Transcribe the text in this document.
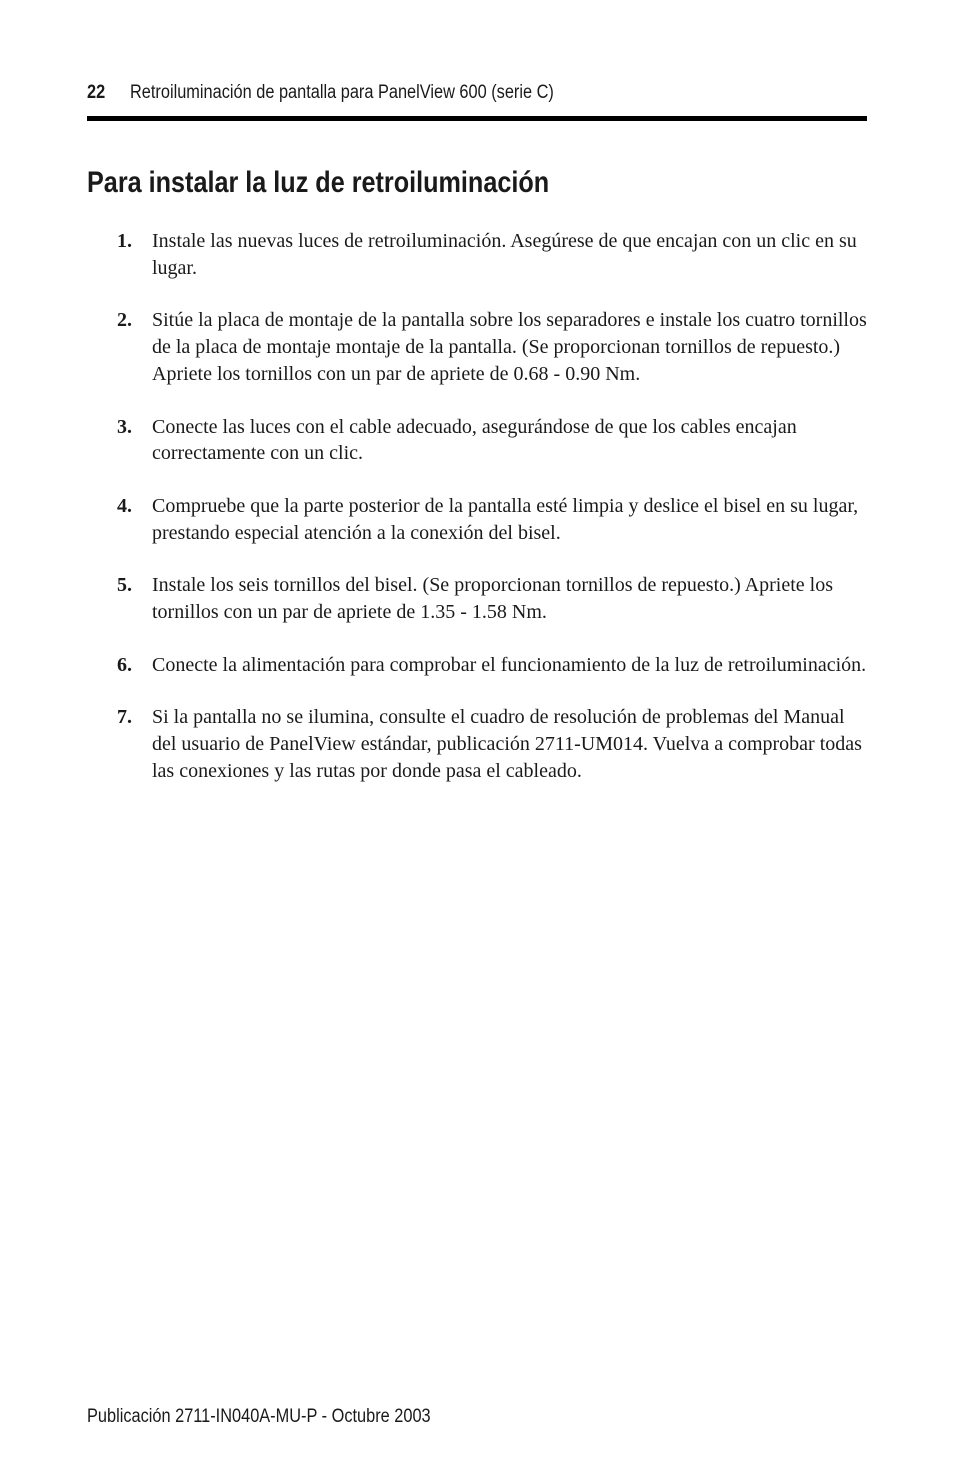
22 Retroiluminación de pantalla para PanelView 600 (serie C)
Para instalar la luz de retroiluminación
1. Instale las nuevas luces de retroiluminación. Asegúrese de que encajan con un clic en su lugar.
2. Sitúe la placa de montaje de la pantalla sobre los separadores e instale los cuatro tornillos de la placa de montaje montaje de la pantalla. (Se proporcionan tornillos de repuesto.) Apriete los tornillos con un par de apriete de 0.68 - 0.90 Nm.
3. Conecte las luces con el cable adecuado, asegurándose de que los cables encajan correctamente con un clic.
4. Compruebe que la parte posterior de la pantalla esté limpia y deslice el bisel en su lugar, prestando especial atención a la conexión del bisel.
5. Instale los seis tornillos del bisel. (Se proporcionan tornillos de repuesto.) Apriete los tornillos con un par de apriete de 1.35 - 1.58 Nm.
6. Conecte la alimentación para comprobar el funcionamiento de la luz de retroiluminación.
7. Si la pantalla no se ilumina, consulte el cuadro de resolución de problemas del Manual del usuario de PanelView estándar, publicación 2711-UM014. Vuelva a comprobar todas las conexiones y las rutas por donde pasa el cableado.
Publicación 2711-IN040A-MU-P - Octubre 2003
